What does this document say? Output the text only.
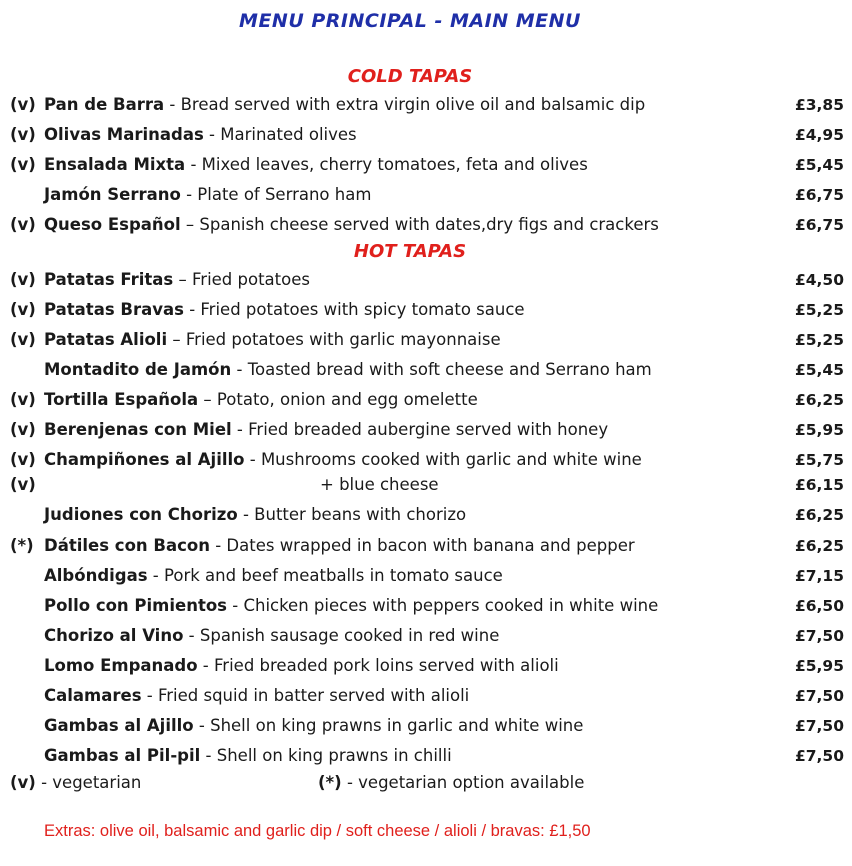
MENU PRINCIPAL - MAIN MENU
COLD TAPAS
(v) Pan de Barra - Bread served with extra virgin olive oil and balsamic dip	£3,85
(v) Olivas Marinadas - Marinated olives	£4,95
(v) Ensalada Mixta - Mixed leaves, cherry tomatoes, feta and olives	£5,45
Jamón Serrano - Plate of Serrano ham	£6,75
(v) Queso Español – Spanish cheese served with dates,dry figs and crackers	£6,75
HOT TAPAS
(v) Patatas Fritas – Fried potatoes	£4,50
(v) Patatas Bravas - Fried potatoes with spicy tomato sauce	£5,25
(v) Patatas Alioli – Fried potatoes with garlic mayonnaise	£5,25
Montadito de Jamón - Toasted bread with soft cheese and Serrano ham	£5,45
(v) Tortilla Española – Potato, onion and egg omelette	£6,25
(v) Berenjenas con Miel - Fried breaded aubergine served with honey	£5,95
(v) Champiñones al Ajillo - Mushrooms cooked with garlic and white wine	£5,75
(v)	+ blue cheese	£6,15
Judiones con Chorizo - Butter beans with chorizo	£6,25
(*) Dátiles con Bacon - Dates wrapped in bacon with banana and pepper	£6,25
Albóndigas - Pork and beef meatballs in tomato sauce	£7,15
Pollo con Pimientos - Chicken pieces with peppers cooked in white wine	£6,50
Chorizo al Vino - Spanish sausage cooked in red wine	£7,50
Lomo Empanado - Fried breaded pork loins served with alioli	£5,95
Calamares - Fried squid in batter served with alioli	£7,50
Gambas al Ajillo - Shell on king prawns in garlic and white wine	£7,50
Gambas al Pil-pil - Shell on king prawns in chilli	£7,50
(v) - vegetarian	(*) - vegetarian option available
Extras: olive oil, balsamic and garlic dip / soft cheese / alioli / bravas: £1,50
